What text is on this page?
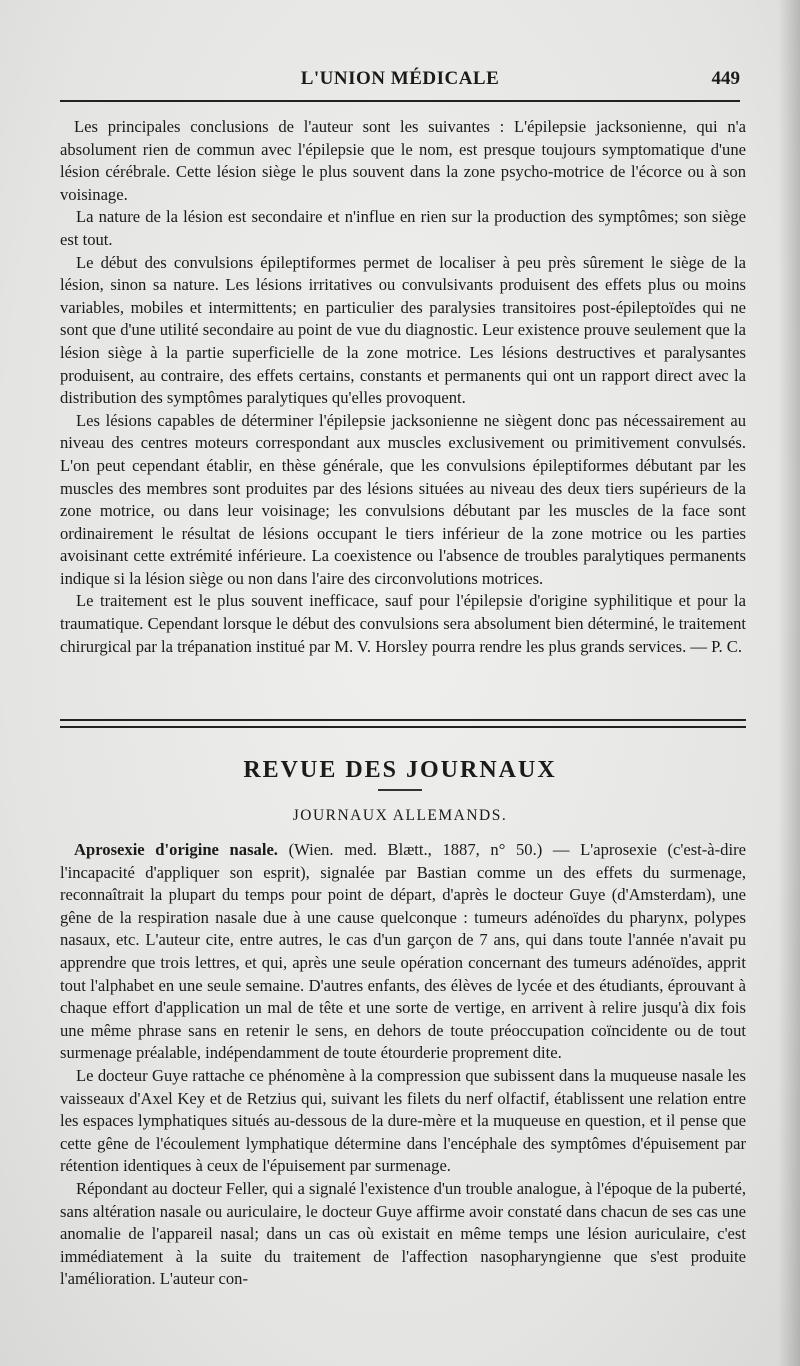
L'UNION MÉDICALE	449

Les principales conclusions de l'auteur sont les suivantes : L'épilepsie jacksonienne, qui n'a absolument rien de commun avec l'épilepsie que le nom, est presque toujours symptomatique d'une lésion cérébrale. Cette lésion siège le plus souvent dans la zone psycho-motrice de l'écorce ou à son voisinage.

La nature de la lésion est secondaire et n'influe en rien sur la production des symptômes; son siège est tout.

Le début des convulsions épileptiformes permet de localiser à peu près sûrement le siège de la lésion, sinon sa nature. Les lésions irritatives ou convulsivants produisent des effets plus ou moins variables, mobiles et intermittents; en particulier des paralysies transitoires post-épileptoïdes qui ne sont que d'une utilité secondaire au point de vue du diagnostic. Leur existence prouve seulement que la lésion siège à la partie superficielle de la zone motrice. Les lésions destructives et paralysantes produisent, au contraire, des effets certains, constants et permanents qui ont un rapport direct avec la distribution des symptômes paralytiques qu'elles provoquent.

Les lésions capables de déterminer l'épilepsie jacksonienne ne siègent donc pas nécessairement au niveau des centres moteurs correspondant aux muscles exclusivement ou primitivement convulsés. L'on peut cependant établir, en thèse générale, que les convulsions épileptiformes débutant par les muscles des membres sont produites par des lésions situées au niveau des deux tiers supérieurs de la zone motrice, ou dans leur voisinage; les convulsions débutant par les muscles de la face sont ordinairement le résultat de lésions occupant le tiers inférieur de la zone motrice ou les parties avoisinant cette extrémité inférieure. La coexistence ou l'absence de troubles paralytiques permanents indique si la lésion siège ou non dans l'aire des circonvolutions motrices.

Le traitement est le plus souvent inefficace, sauf pour l'épilepsie d'origine syphilitique et pour la traumatique. Cependant lorsque le début des convulsions sera absolument bien déterminé, le traitement chirurgical par la trépanation institué par M. V. Horsley pourra rendre les plus grands services. — P. C.

REVUE DES JOURNAUX
JOURNAUX ALLEMANDS.

Aprosexie d'origine nasale. (Wien. med. Blætt., 1887, n° 50.) — L'aprosexie (c'est-à-dire l'incapacité d'appliquer son esprit), signalée par Bastian comme un des effets du surmenage, reconnaîtrait la plupart du temps pour point de départ, d'après le docteur Guye (d'Amsterdam), une gêne de la respiration nasale due à une cause quelconque : tumeurs adénoïdes du pharynx, polypes nasaux, etc. L'auteur cite, entre autres, le cas d'un garçon de 7 ans, qui dans toute l'année n'avait pu apprendre que trois lettres, et qui, après une seule opération concernant des tumeurs adénoïdes, apprit tout l'alphabet en une seule semaine. D'autres enfants, des élèves de lycée et des étudiants, éprouvant à chaque effort d'application un mal de tête et une sorte de vertige, en arrivent à relire jusqu'à dix fois une même phrase sans en retenir le sens, en dehors de toute préoccupation coïncidente ou de tout surmenage préalable, indépendamment de toute étourderie proprement dite.

Le docteur Guye rattache ce phénomène à la compression que subissent dans la muqueuse nasale les vaisseaux d'Axel Key et de Retzius qui, suivant les filets du nerf olfactif, établissent une relation entre les espaces lymphatiques situés au-dessous de la dure-mère et la muqueuse en question, et il pense que cette gêne de l'écoulement lymphatique détermine dans l'encéphale des symptômes d'épuisement par rétention identiques à ceux de l'épuisement par surmenage.

Répondant au docteur Feller, qui a signalé l'existence d'un trouble analogue, à l'époque de la puberté, sans altération nasale ou auriculaire, le docteur Guye affirme avoir constaté dans chacun de ses cas une anomalie de l'appareil nasal; dans un cas où existait en même temps une lésion auriculaire, c'est immédiatement à la suite du traitement de l'affection nasopharyngienne que s'est produite l'amélioration. L'auteur con-
